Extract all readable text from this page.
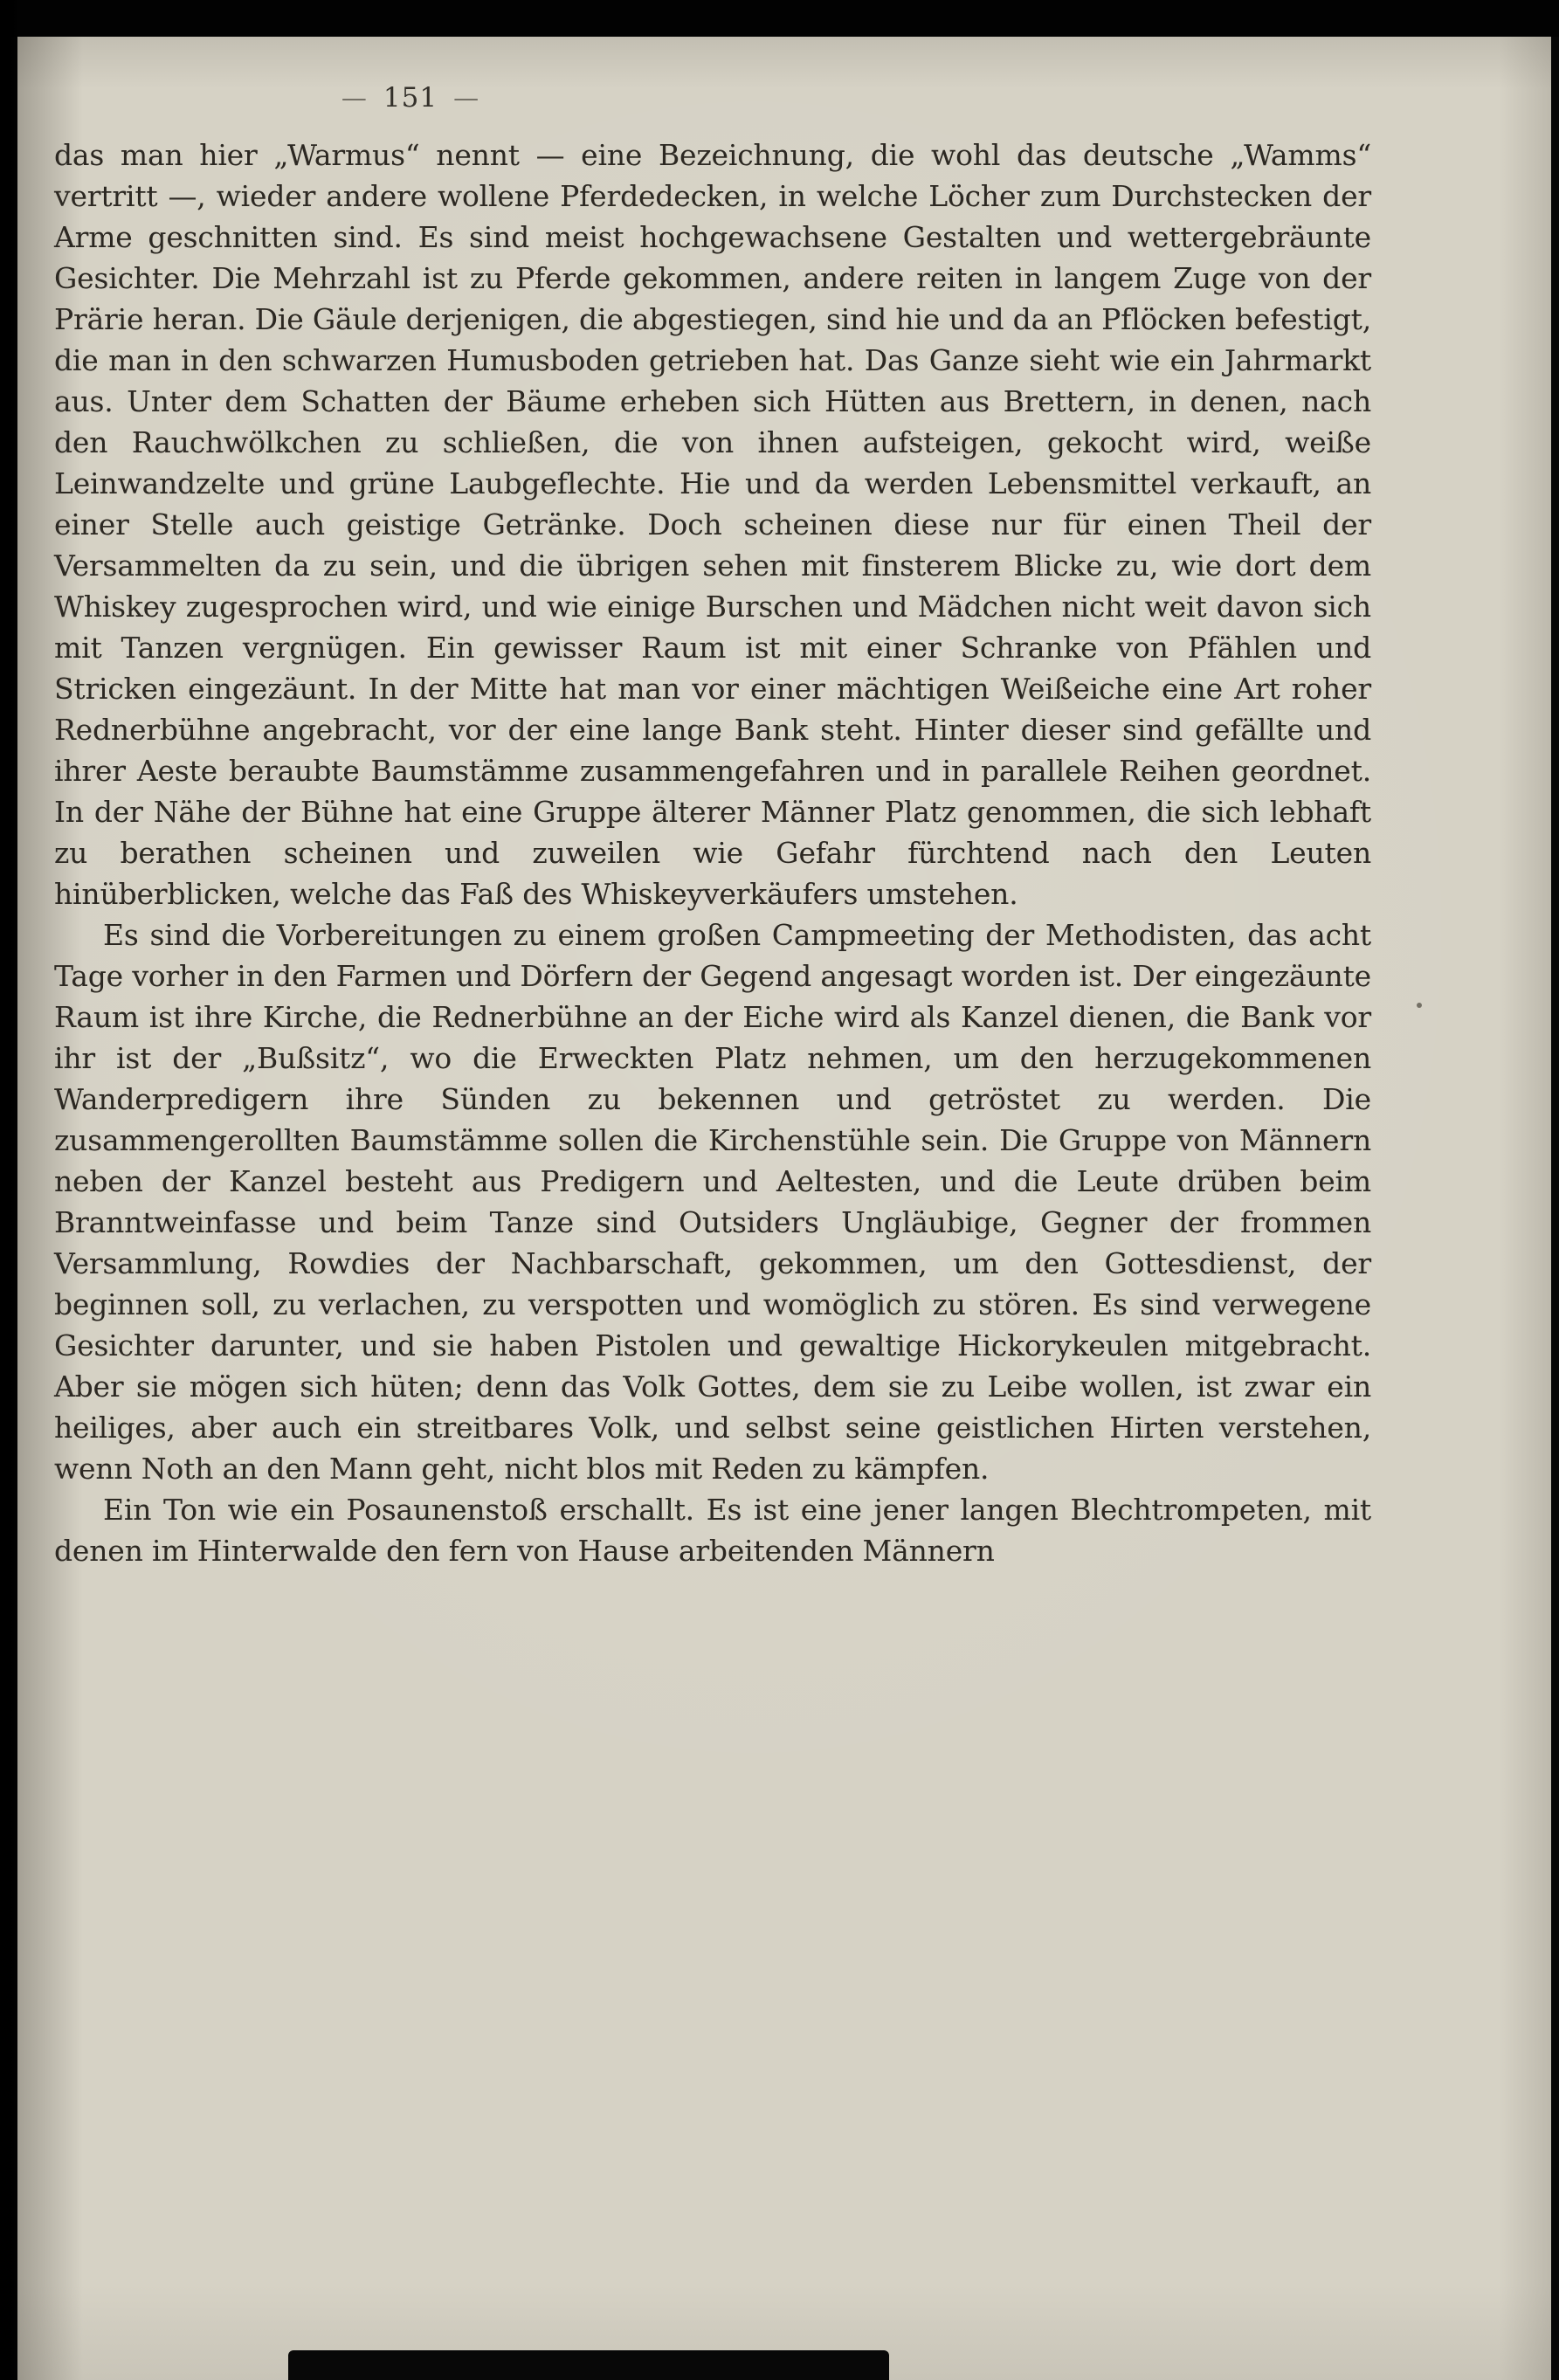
— 151 —

das man hier „Warmus“ nennt — eine Bezeichnung, die wohl das deutsche „Wamms“ vertritt —, wieder andere wollene Pferdedecken, in welche Löcher zum Durchstecken der Arme geschnitten sind. Es sind meist hochgewachsene Gestalten und wettergebräunte Gesichter. Die Mehrzahl ist zu Pferde gekommen, andere reiten in langem Zuge von der Prärie heran. Die Gäule derjenigen, die abgestiegen, sind hie und da an Pflöcken befestigt, die man in den schwarzen Humusboden getrieben hat. Das Ganze sieht wie ein Jahrmarkt aus. Unter dem Schatten der Bäume erheben sich Hütten aus Brettern, in denen, nach den Rauchwölkchen zu schließen, die von ihnen aufsteigen, gekocht wird, weiße Leinwandzelte und grüne Laubgeflechte. Hie und da werden Lebensmittel verkauft, an einer Stelle auch geistige Getränke. Doch scheinen diese nur für einen Theil der Versammelten da zu sein, und die übrigen sehen mit finsterem Blicke zu, wie dort dem Whiskey zugesprochen wird, und wie einige Burschen und Mädchen nicht weit davon sich mit Tanzen vergnügen. Ein gewisser Raum ist mit einer Schranke von Pfählen und Stricken eingezäunt. In der Mitte hat man vor einer mächtigen Weißeiche eine Art roher Rednerbühne angebracht, vor der eine lange Bank steht. Hinter dieser sind gefällte und ihrer Aeste beraubte Baumstämme zusammengefahren und in parallele Reihen geordnet. In der Nähe der Bühne hat eine Gruppe älterer Männer Platz genommen, die sich lebhaft zu berathen scheinen und zuweilen wie Gefahr fürchtend nach den Leuten hinüberblicken, welche das Faß des Whiskeyverkäufers umstehen.

Es sind die Vorbereitungen zu einem großen Campmeeting der Methodisten, das acht Tage vorher in den Farmen und Dörfern der Gegend angesagt worden ist. Der eingezäunte Raum ist ihre Kirche, die Rednerbühne an der Eiche wird als Kanzel dienen, die Bank vor ihr ist der „Bußsitz“, wo die Erweckten Platz nehmen, um den herzugekommenen Wanderpredigern ihre Sünden zu bekennen und getröstet zu werden. Die zusammengerollten Baumstämme sollen die Kirchenstühle sein. Die Gruppe von Männern neben der Kanzel besteht aus Predigern und Aeltesten, und die Leute drüben beim Branntweinfasse und beim Tanze sind Outsiders Ungläubige, Gegner der frommen Versammlung, Rowdies der Nachbarschaft, gekommen, um den Gottesdienst, der beginnen soll, zu verlachen, zu verspotten und womöglich zu stören. Es sind verwegene Gesichter darunter, und sie haben Pistolen und gewaltige Hickorykeulen mitgebracht. Aber sie mögen sich hüten; denn das Volk Gottes, dem sie zu Leibe wollen, ist zwar ein heiliges, aber auch ein streitbares Volk, und selbst seine geistlichen Hirten verstehen, wenn Noth an den Mann geht, nicht blos mit Reden zu kämpfen.

Ein Ton wie ein Posaunenstoß erschallt. Es ist eine jener langen Blechtrompeten, mit denen im Hinterwalde den fern von Hause arbeitenden Männern
